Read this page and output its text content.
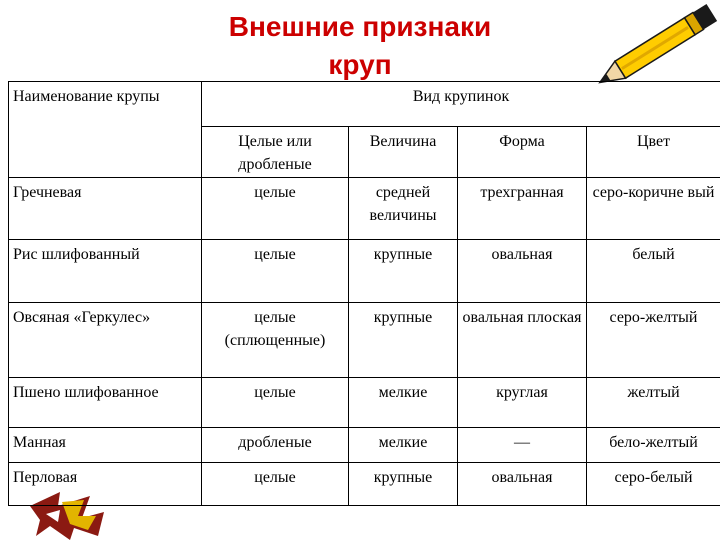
Внешние признаки
круп
Наименование крупы	Вид крупинок			
	Целые или дробленые	Величина	Форма	Цвет
Гречневая	целые	средней величины	трехгранная	серо-коричне вый
Рис шлифованный	целые	крупные	овальная	белый
Овсяная «Геркулес»	целые (сплющенные)	крупные	овальная плоская	серо-желтый
Пшено шлифованное	целые	мелкие	круглая	желтый
Манная	дробленые	мелкие	—	бело-желтый
Перловая	целые	крупные	овальная	серо-белый
